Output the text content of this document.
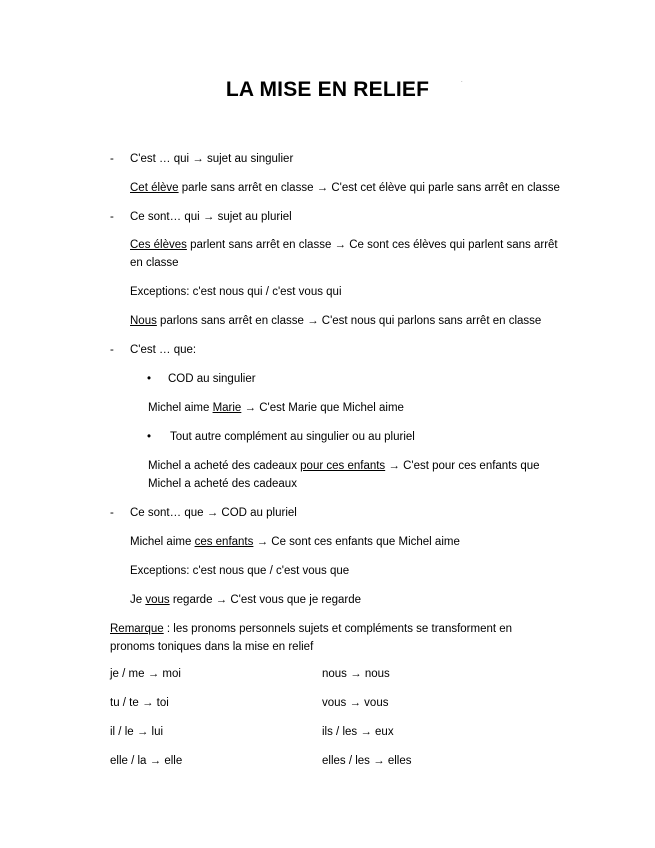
LA MISE EN RELIEF	.
- C'est … qui → sujet au singulier
Cet élève parle sans arrêt en classe → C'est cet élève qui parle sans arrêt en classe
- Ce sont… qui → sujet au pluriel
Ces élèves parlent sans arrêt en classe → Ce sont ces élèves qui parlent sans arrêt en classe
Exceptions: c'est nous qui / c'est vous qui
Nous parlons sans arrêt en classe → C'est nous qui parlons sans arrêt en classe
- C'est … que:
• COD au singulier
Michel aime Marie → C'est Marie que Michel aime
• Tout autre complément au singulier ou au pluriel
Michel a acheté des cadeaux pour ces enfants → C'est pour ces enfants que Michel a acheté des cadeaux
- Ce sont… que → COD au pluriel
Michel aime ces enfants → Ce sont ces enfants que Michel aime
Exceptions: c'est nous que / c'est vous que
Je vous regarde → C'est vous que je regarde
Remarque : les pronoms personnels sujets et compléments se transforment en pronoms toniques dans la mise en relief
je / me → moi	nous → nous
tu / te → toi	vous → vous
il / le → lui	ils / les → eux
elle / la → elle	elles / les → elles
